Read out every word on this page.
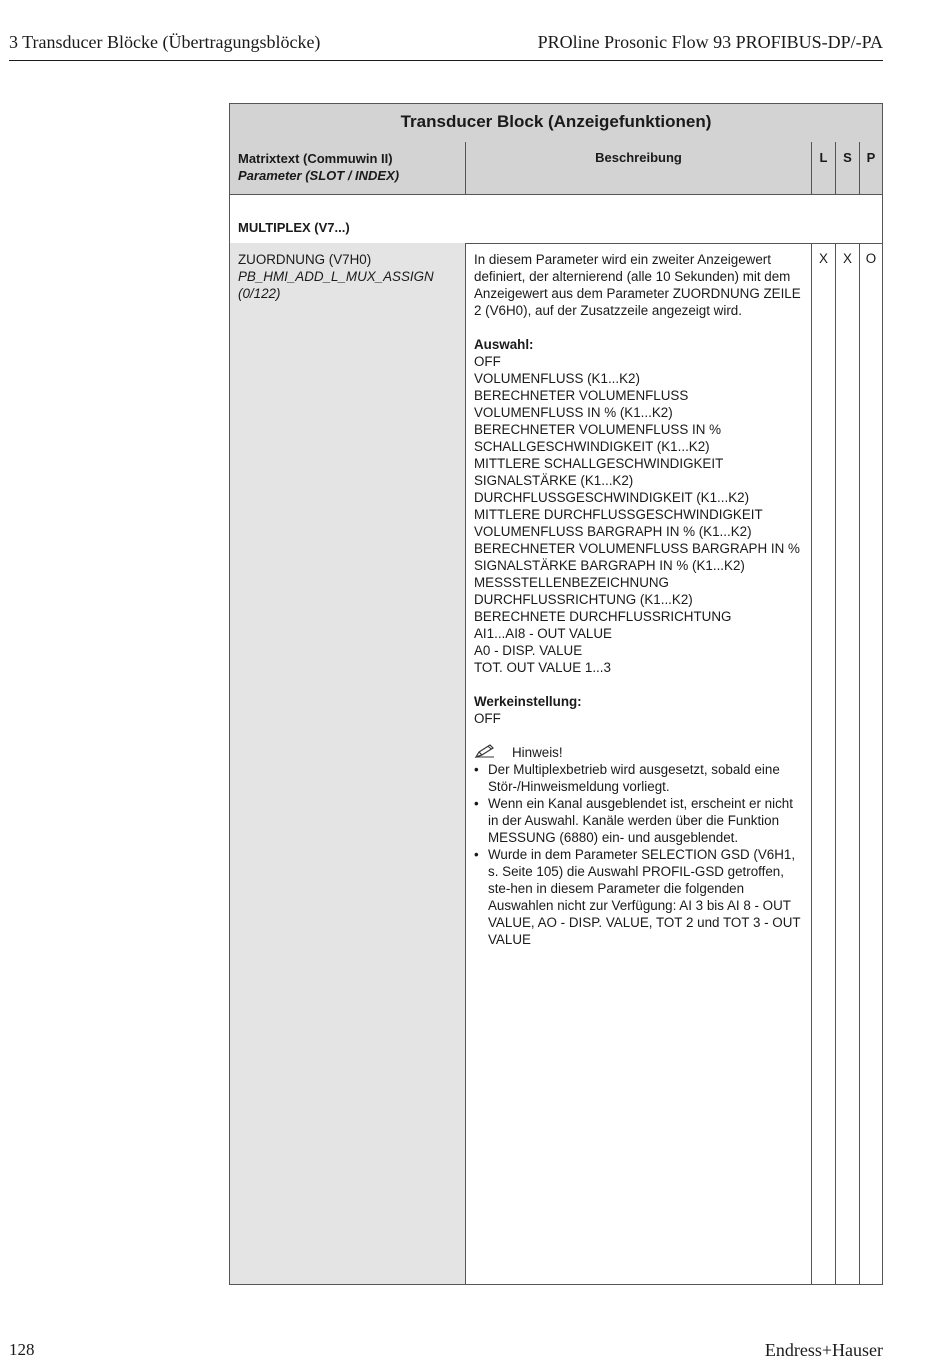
3 Transducer Blöcke (Übertragungsblöcke)	PROline Prosonic Flow 93 PROFIBUS-DP/-PA
Transducer Block (Anzeigefunktionen)
Matrixtext (Commuwin II)
Parameter (SLOT / INDEX)
Beschreibung	L	S	P
MULTIPLEX (V7...)
ZUORDNUNG (V7H0)
PB_HMI_ADD_L_MUX_ASSIGN
(0/122)

In diesem Parameter wird ein zweiter Anzeigewert definiert, der alternierend (alle 10 Sekunden) mit dem Anzeigewert aus dem Parameter ZUORDNUNG ZEILE 2 (V6H0), auf der Zusatzzeile angezeigt wird.

Auswahl:
OFF
VOLUMENFLUSS (K1...K2)
BERECHNETER VOLUMENFLUSS
VOLUMENFLUSS IN % (K1...K2)
BERECHNETER VOLUMENFLUSS IN %
SCHALLGESCHWINDIGKEIT (K1...K2)
MITTLERE SCHALLGESCHWINDIGKEIT
SIGNALSTÄRKE (K1...K2)
DURCHFLUSSGESCHWINDIGKEIT (K1...K2)
MITTLERE DURCHFLUSSGESCHWINDIGKEIT
VOLUMENFLUSS BARGRAPH IN % (K1...K2)
BERECHNETER VOLUMENFLUSS BARGRAPH IN %
SIGNALSTÄRKE BARGRAPH IN % (K1...K2)
MESSSTELLENBEZEICHNUNG
DURCHFLUSSRICHTUNG (K1...K2)
BERECHNETE DURCHFLUSSRICHTUNG
AI1...AI8 - OUT VALUE
A0 - DISP. VALUE
TOT. OUT VALUE 1...3
Werkeinstellung:
OFF
Hinweis!
• Der Multiplexbetrieb wird ausgesetzt, sobald eine Stör-/Hinweismeldung vorliegt.
• Wenn ein Kanal ausgeblendet ist, erscheint er nicht in der Auswahl. Kanäle werden über die Funktion MESSUNG (6880) ein- und ausgeblendet.
• Wurde in dem Parameter SELECTION GSD (V6H1, s. Seite 105) die Auswahl PROFIL-GSD getroffen, ste-hen in diesem Parameter die folgenden Auswahlen nicht zur Verfügung: AI 3 bis AI 8 - OUT VALUE, AO - DISP. VALUE, TOT 2 und TOT 3 - OUT VALUE
X	X	O
128	Endress+Hauser
